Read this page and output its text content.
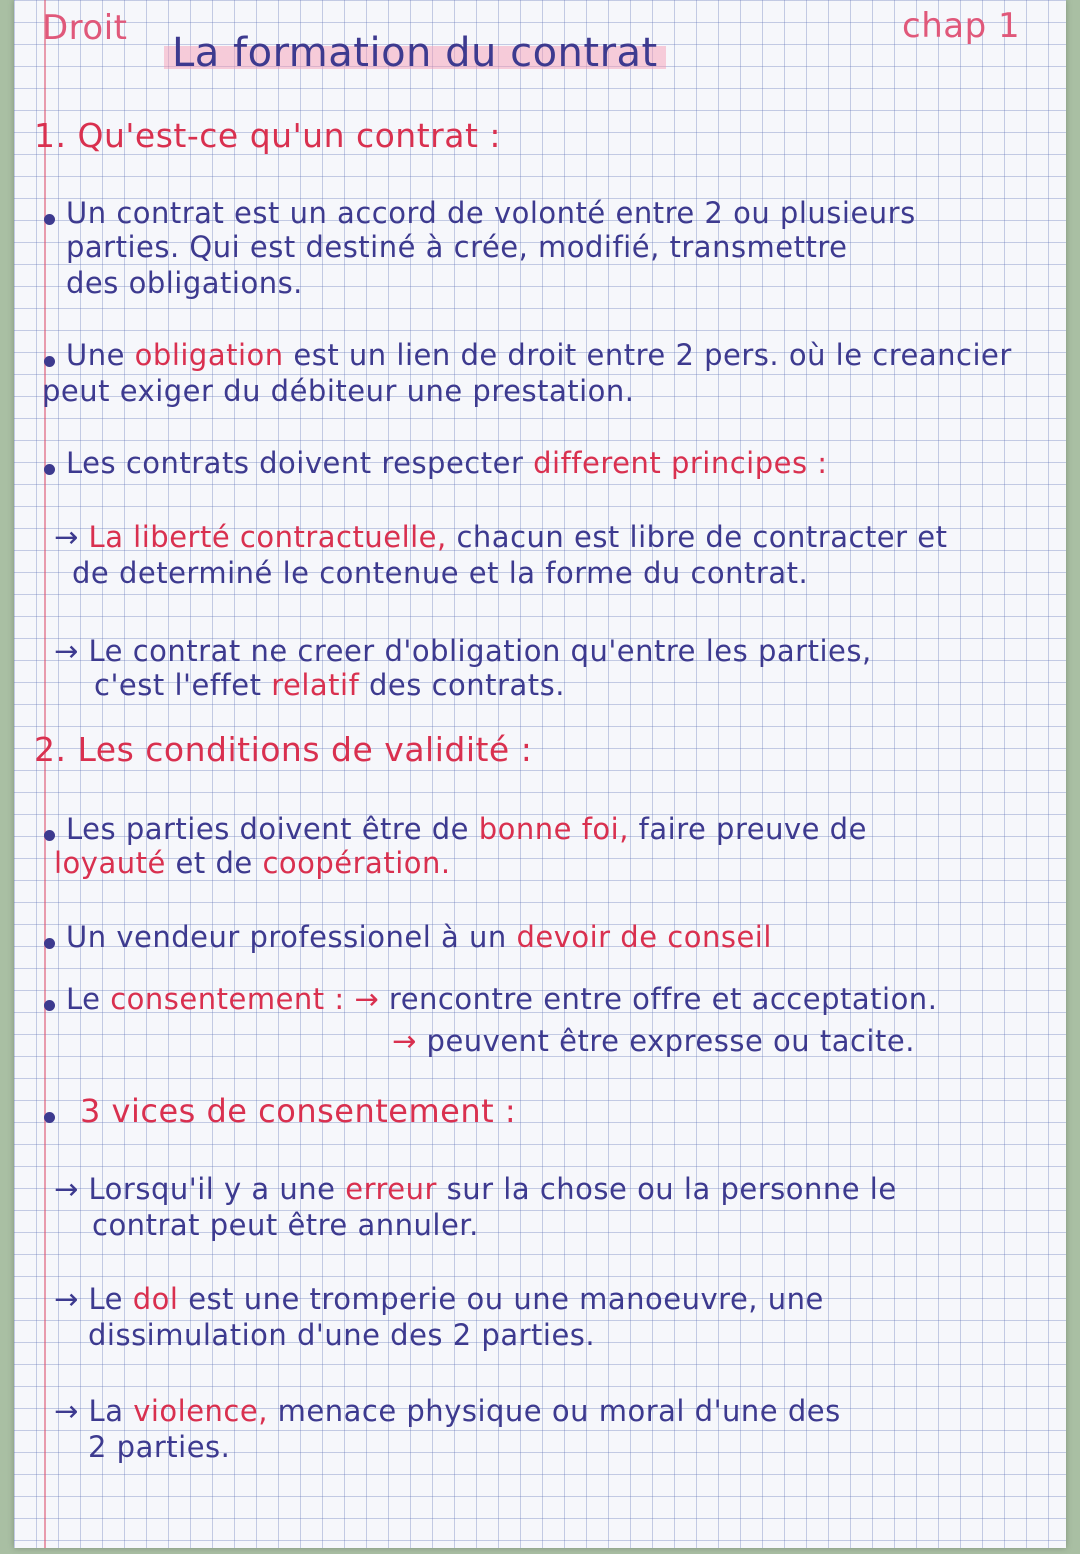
Droit
La formation du contrat
chap 1
1. Qu'est-ce qu'un contrat :
Un contrat est un accord de volonté entre 2 ou plusieurs
parties. Qui est destiné à crée, modifié, transmettre
des obligations.
Une obligation est un lien de droit entre 2 pers. où le creancier
peut exiger du débiteur une prestation.
Les contrats doivent respecter different principes :
→ La liberté contractuelle, chacun est libre de contracter et
de determiné le contenue et la forme du contrat.
→ Le contrat ne creer d'obligation qu'entre les parties,
c'est l'effet relatif des contrats.
2. Les conditions de validité :
Les parties doivent être de bonne foi, faire preuve de
loyauté et de coopération.
Un vendeur professionel à un devoir de conseil
Le consentement : → rencontre entre offre et acceptation.
→ peuvent être expresse ou tacite.
3 vices de consentement :
→ Lorsqu'il y a une erreur sur la chose ou la personne le
contrat peut être annuler.
→ Le dol est une tromperie ou une manoeuvre, une
dissimulation d'une des 2 parties.
→ La violence, menace physique ou moral d'une des
2 parties.
